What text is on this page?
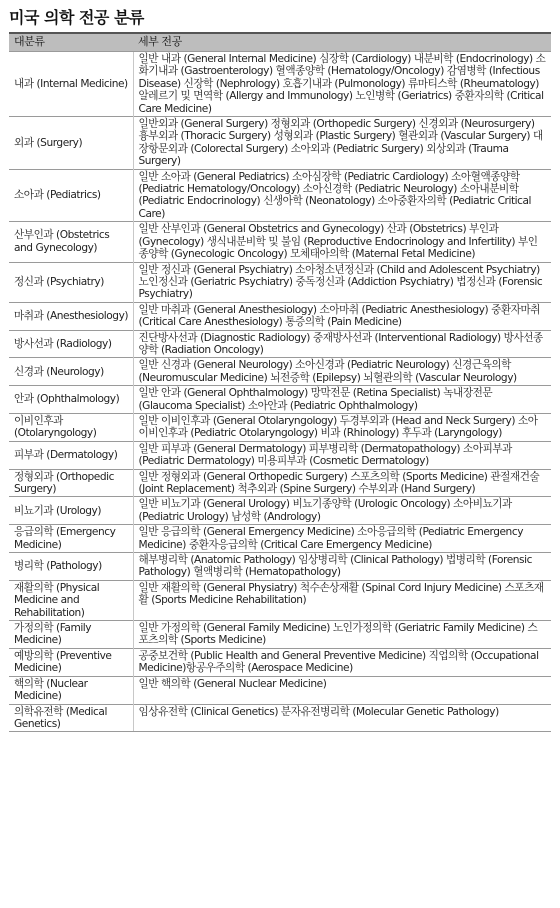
미국 의학 전공 분류
대분류	세부 전공
내과 (Internal Medicine)	일반 내과 (General Internal Medicine) 심장학 (Cardiology) 내분비학 (Endocrinology) 소화기내과 (Gastroenterology) 혈액종양학 (Hematology/Oncology) 감염병학 (Infectious Disease) 신장학 (Nephrology) 호흡기내과 (Pulmonology) 류마티스학 (Rheumatology) 알레르기 및 면역학 (Allergy and Immunology) 노인병학 (Geriatrics) 중환자의학 (Critical Care Medicine)
외과 (Surgery)	일반외과 (General Surgery) 정형외과 (Orthopedic Surgery) 신경외과 (Neurosurgery) 흉부외과 (Thoracic Surgery) 성형외과 (Plastic Surgery) 혈관외과 (Vascular Surgery) 대장항문외과 (Colorectal Surgery) 소아외과 (Pediatric Surgery) 외상외과 (Trauma Surgery)
소아과 (Pediatrics)	일반 소아과 (General Pediatrics) 소아심장학 (Pediatric Cardiology) 소아혈액종양학 (Pediatric Hematology/Oncology) 소아신경학 (Pediatric Neurology) 소아내분비학 (Pediatric Endocrinology) 신생아학 (Neonatology) 소아중환자의학 (Pediatric Critical Care)
산부인과 (Obstetrics and Gynecology)	일반 산부인과 (General Obstetrics and Gynecology) 산과 (Obstetrics) 부인과 (Gynecology) 생식내분비학 및 불임 (Reproductive Endocrinology and Infertility) 부인종양학 (Gynecologic Oncology) 모체태아의학 (Maternal Fetal Medicine)
정신과 (Psychiatry)	일반 정신과 (General Psychiatry) 소아청소년정신과 (Child and Adolescent Psychiatry) 노인정신과 (Geriatric Psychiatry) 중독정신과 (Addiction Psychiatry) 법정신과 (Forensic Psychiatry)
마취과 (Anesthesiology)	일반 마취과 (General Anesthesiology) 소아마취 (Pediatric Anesthesiology) 중환자마취 (Critical Care Anesthesiology) 통증의학 (Pain Medicine)
방사선과 (Radiology)	진단방사선과 (Diagnostic Radiology) 중재방사선과 (Interventional Radiology) 방사선종양학 (Radiation Oncology)
신경과 (Neurology)	일반 신경과 (General Neurology) 소아신경과 (Pediatric Neurology) 신경근육의학 (Neuromuscular Medicine) 뇌전증학 (Epilepsy) 뇌혈관의학 (Vascular Neurology)
안과 (Ophthalmology)	일반 안과 (General Ophthalmology) 망막전문 (Retina Specialist) 녹내장전문 (Glaucoma Specialist) 소아안과 (Pediatric Ophthalmology)
이비인후과 (Otolaryngology)	일반 이비인후과 (General Otolaryngology) 두경부외과 (Head and Neck Surgery) 소아이비인후과 (Pediatric Otolaryngology) 비과 (Rhinology) 후두과 (Laryngology)
피부과 (Dermatology)	일반 피부과 (General Dermatology) 피부병리학 (Dermatopathology) 소아피부과 (Pediatric Dermatology) 미용피부과 (Cosmetic Dermatology)
정형외과 (Orthopedic Surgery)	일반 정형외과 (General Orthopedic Surgery) 스포츠의학 (Sports Medicine) 관절재건술 (Joint Replacement) 척추외과 (Spine Surgery) 수부외과 (Hand Surgery)
비뇨기과 (Urology)	일반 비뇨기과 (General Urology) 비뇨기종양학 (Urologic Oncology) 소아비뇨기과 (Pediatric Urology) 남성학 (Andrology)
응급의학 (Emergency Medicine)	일반 응급의학 (General Emergency Medicine) 소아응급의학 (Pediatric Emergency Medicine) 중환자응급의학 (Critical Care Emergency Medicine)
병리학 (Pathology)	해부병리학 (Anatomic Pathology) 임상병리학 (Clinical Pathology) 법병리학 (Forensic Pathology) 혈액병리학 (Hematopathology)
재활의학 (Physical Medicine and Rehabilitation)	일반 재활의학 (General Physiatry) 척수손상재활 (Spinal Cord Injury Medicine) 스포츠재활 (Sports Medicine Rehabilitation)
가정의학 (Family Medicine)	일반 가정의학 (General Family Medicine) 노인가정의학 (Geriatric Family Medicine) 스포츠의학 (Sports Medicine)
예방의학 (Preventive Medicine)	공중보건학 (Public Health and General Preventive Medicine) 직업의학 (Occupational Medicine)항공우주의학 (Aerospace Medicine)
핵의학 (Nuclear Medicine)	일반 핵의학 (General Nuclear Medicine)
의학유전학 (Medical Genetics)	임상유전학 (Clinical Genetics) 분자유전병리학 (Molecular Genetic Pathology)
